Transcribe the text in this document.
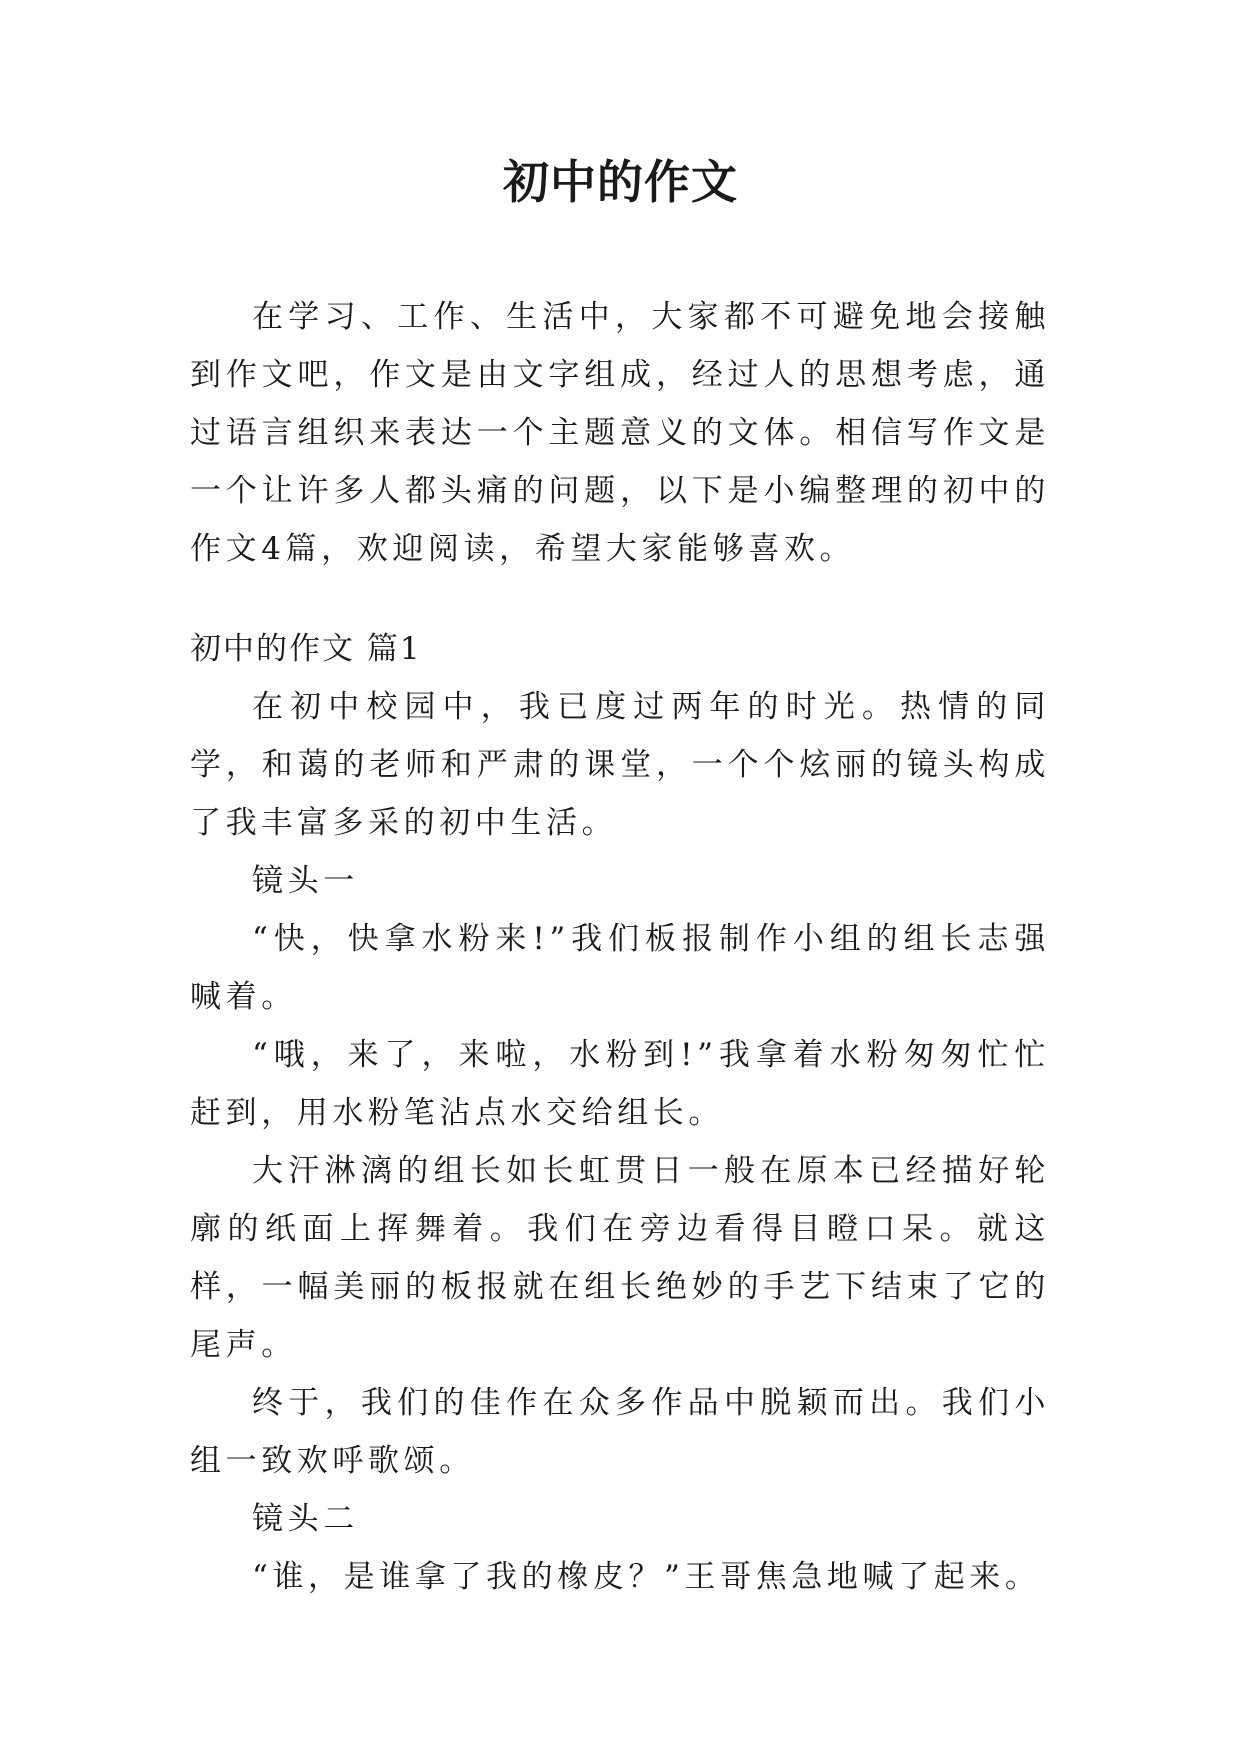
初中的作文

在学习、工作、生活中，大家都不可避免地会接触到作文吧，作文是由文字组成，经过人的思想考虑，通过语言组织来表达一个主题意义的文体。相信写作文是一个让许多人都头痛的问题，以下是小编整理的初中的作文4篇，欢迎阅读，希望大家能够喜欢。

初中的作文 篇1

在初中校园中，我已度过两年的时光。热情的同学，和蔼的老师和严肃的课堂，一个个炫丽的镜头构成了我丰富多采的初中生活。

镜头一

“快，快拿水粉来!”我们板报制作小组的组长志强喊着。

“哦，来了，来啦，水粉到!”我拿着水粉匆匆忙忙赶到，用水粉笔沾点水交给组长。

大汗淋漓的组长如长虹贯日一般在原本已经描好轮廓的纸面上挥舞着。我们在旁边看得目瞪口呆。就这样，一幅美丽的板报就在组长绝妙的手艺下结束了它的尾声。

终于，我们的佳作在众多作品中脱颖而出。我们小组一致欢呼歌颂。

镜头二

“谁，是谁拿了我的橡皮？”王哥焦急地喊了起来。
